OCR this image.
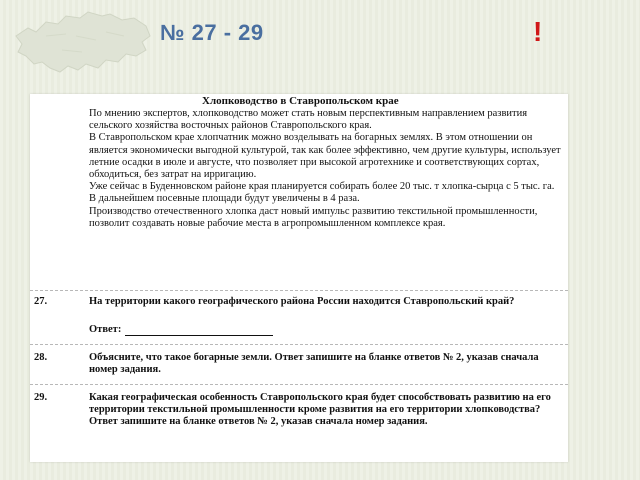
№ 27 - 29	!
Хлопководство в Ставропольском крае

По мнению экспертов, хлопководство может стать новым перспективным направлением развития сельского хозяйства восточных районов Ставропольского края.

В Ставропольском крае хлопчатник можно возделывать на богарных землях. В этом отношении он является экономически выгодной культурой, так как более эффективно, чем другие культуры, использует летние осадки в июле и августе, что позволяет при высокой агротехнике и соответствующих сортах, обходиться, без затрат на ирригацию.

Уже сейчас в Буденновском районе края планируется собирать более 20 тыс. т хлопка-сырца с 5 тыс. га. В дальнейшем посевные площади будут увеличены в 4 раза.

Производство отечественного хлопка даст новый импульс развитию текстильной промышленности, позволит создавать новые рабочие места в агропромышленном комплексе края.

27.	На территории какого географического района России находится Ставропольский край?
Ответ:
28.	Объясните, что такое богарные земли. Ответ запишите на бланке ответов № 2, указав сначала номер задания.
29.	Какая географическая особенность Ставропольского края будет способствовать развитию на его территории текстильной промышленности кроме развития на его территории хлопководства? Ответ запишите на бланке ответов № 2, указав сначала номер задания.
